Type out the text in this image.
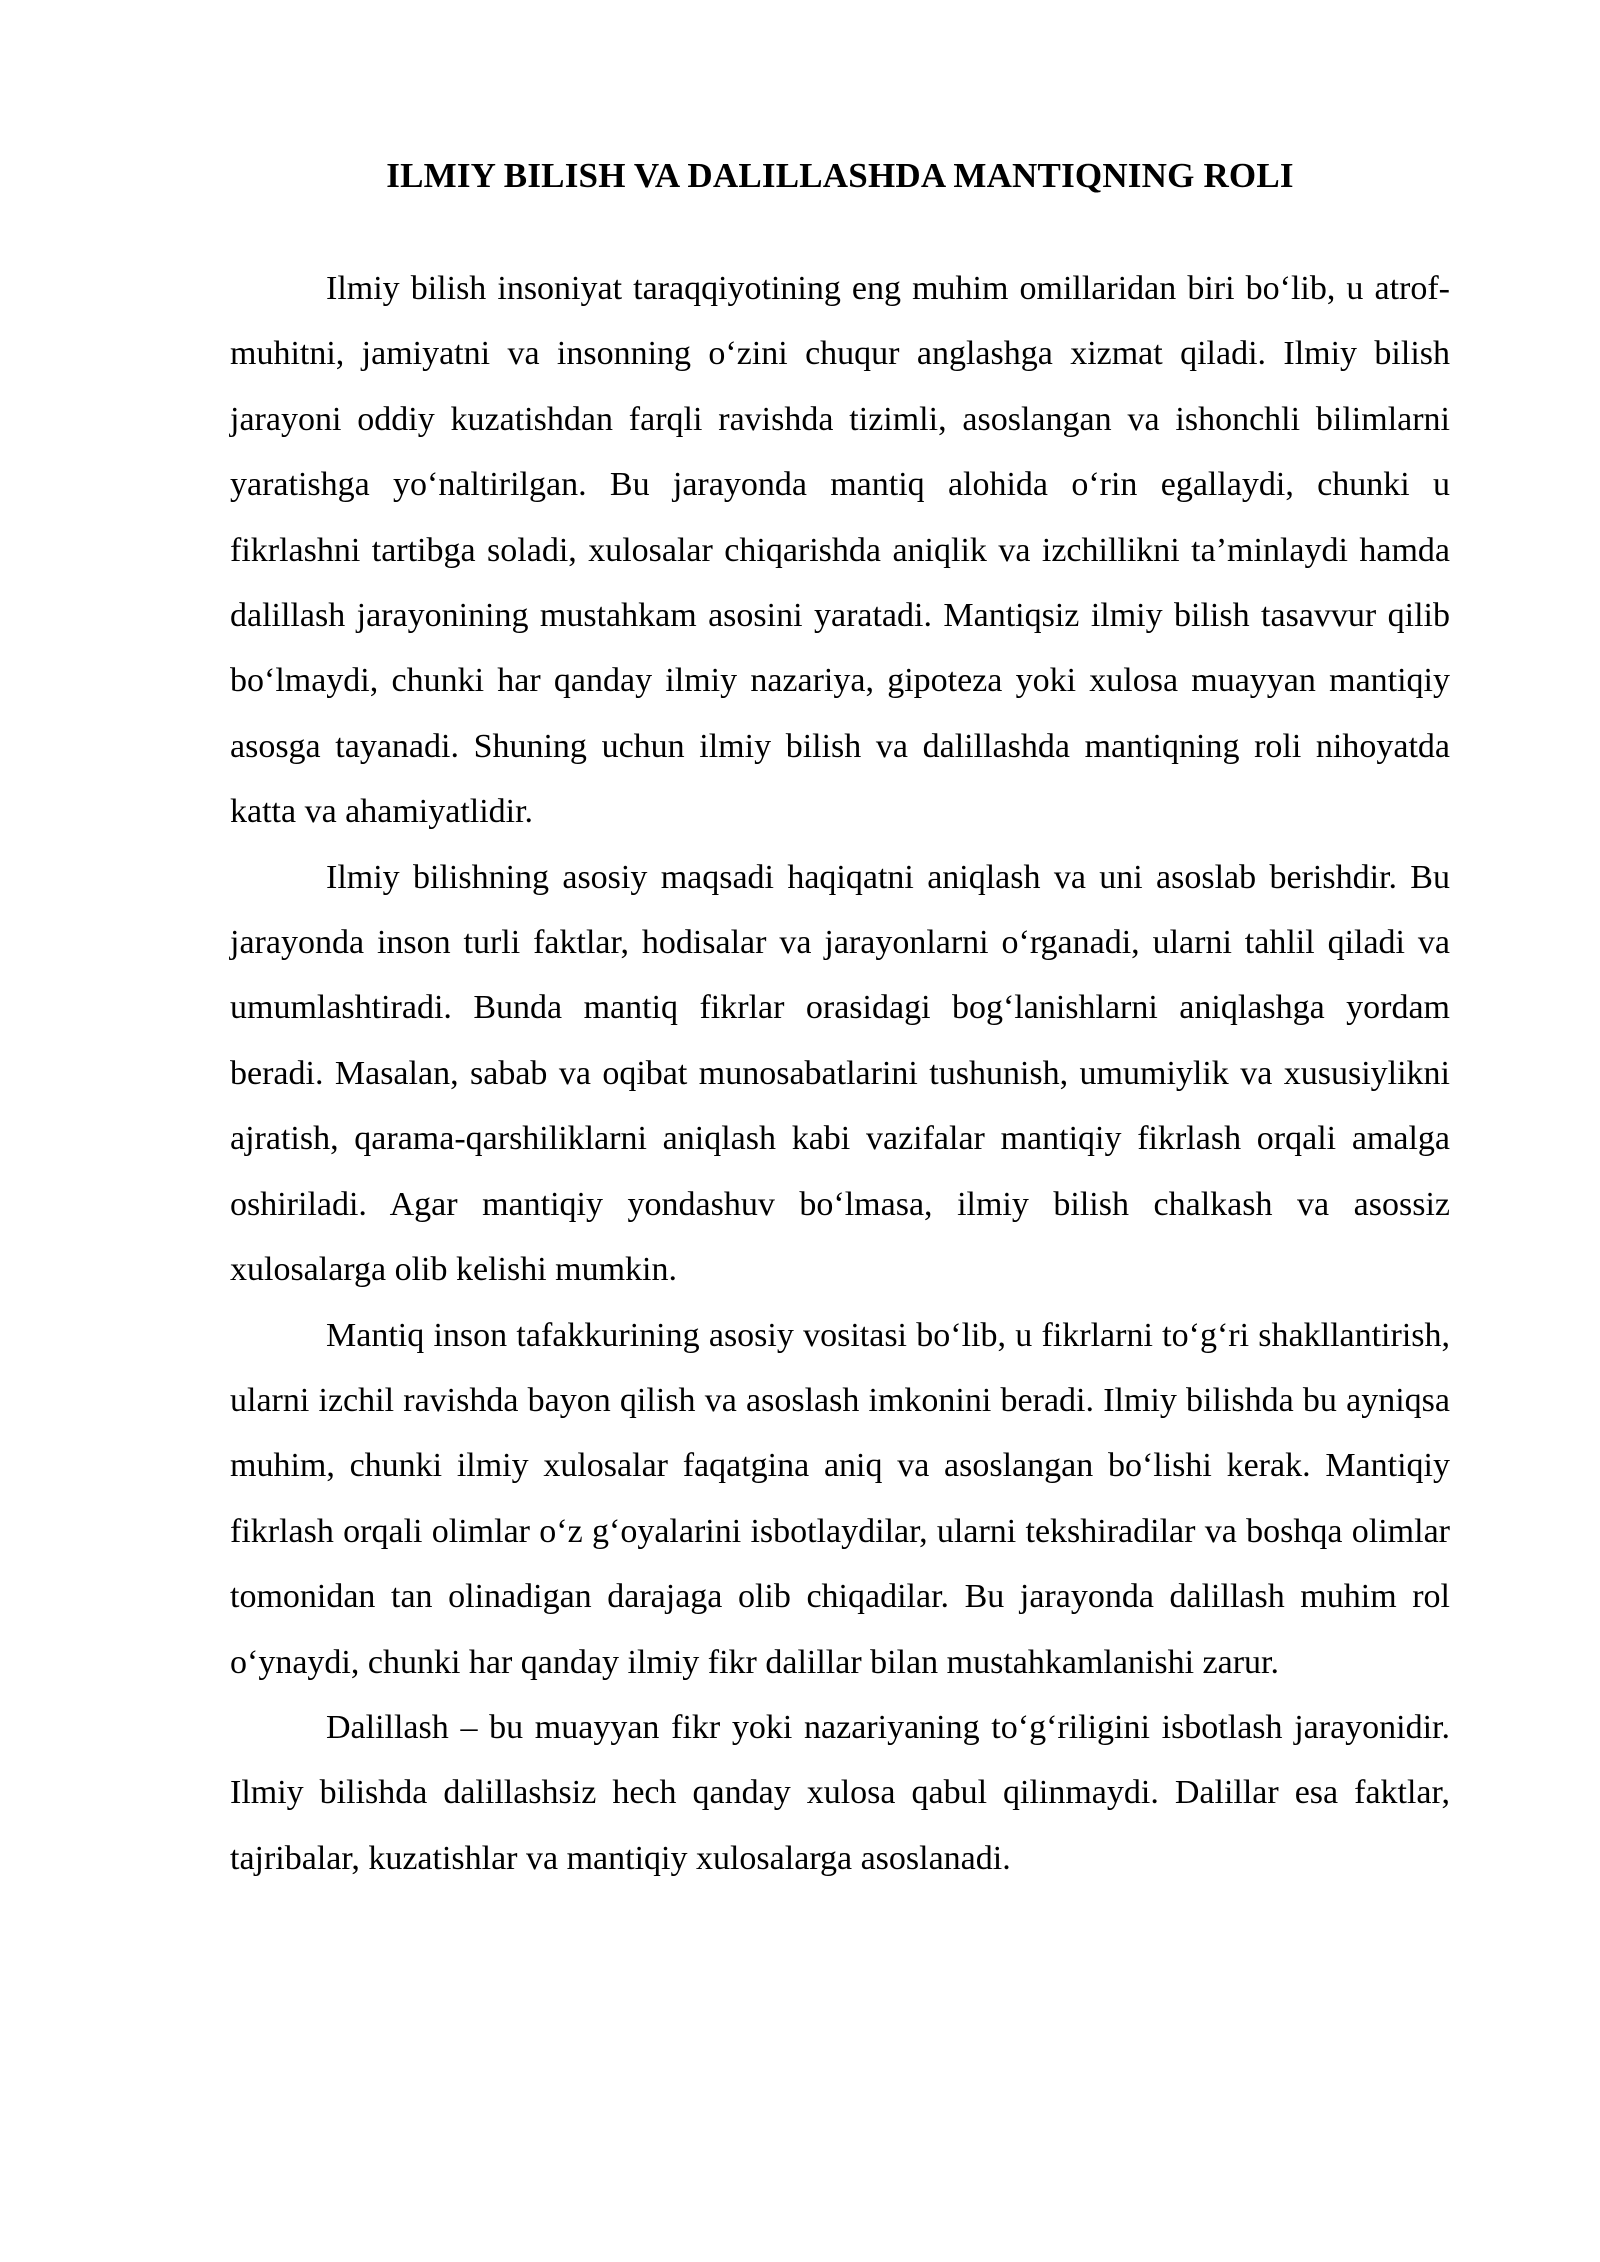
ILMIY BILISH VA DALILLASHDA MANTIQNING ROLI

Ilmiy bilish insoniyat taraqqiyotining eng muhim omillaridan biri bo‘lib, u atrof-muhitni, jamiyatni va insonning o‘zini chuqur anglashga xizmat qiladi. Ilmiy bilish jarayoni oddiy kuzatishdan farqli ravishda tizimli, asoslangan va ishonchli bilimlarni yaratishga yo‘naltirilgan. Bu jarayonda mantiq alohida o‘rin egallaydi, chunki u fikrlashni tartibga soladi, xulosalar chiqarishda aniqlik va izchillikni ta’minlaydi hamda dalillash jarayonining mustahkam asosini yaratadi. Mantiqsiz ilmiy bilish tasavvur qilib bo‘lmaydi, chunki har qanday ilmiy nazariya, gipoteza yoki xulosa muayyan mantiqiy asosga tayanadi. Shuning uchun ilmiy bilish va dalillashda mantiqning roli nihoyatda katta va ahamiyatlidir.

Ilmiy bilishning asosiy maqsadi haqiqatni aniqlash va uni asoslab berishdir. Bu jarayonda inson turli faktlar, hodisalar va jarayonlarni o‘rganadi, ularni tahlil qiladi va umumlashtiradi. Bunda mantiq fikrlar orasidagi bog‘lanishlarni aniqlashga yordam beradi. Masalan, sabab va oqibat munosabatlarini tushunish, umumiylik va xususiylikni ajratish, qarama-qarshiliklarni aniqlash kabi vazifalar mantiqiy fikrlash orqali amalga oshiriladi. Agar mantiqiy yondashuv bo‘lmasa, ilmiy bilish chalkash va asossiz xulosalarga olib kelishi mumkin.

Mantiq inson tafakkurining asosiy vositasi bo‘lib, u fikrlarni to‘g‘ri shakllantirish, ularni izchil ravishda bayon qilish va asoslash imkonini beradi. Ilmiy bilishda bu ayniqsa muhim, chunki ilmiy xulosalar faqatgina aniq va asoslangan bo‘lishi kerak. Mantiqiy fikrlash orqali olimlar o‘z g‘oyalarini isbotlaydilar, ularni tekshiradilar va boshqa olimlar tomonidan tan olinadigan darajaga olib chiqadilar. Bu jarayonda dalillash muhim rol o‘ynaydi, chunki har qanday ilmiy fikr dalillar bilan mustahkamlanishi zarur.

Dalillash – bu muayyan fikr yoki nazariyaning to‘g‘riligini isbotlash jarayonidir. Ilmiy bilishda dalillashsiz hech qanday xulosa qabul qilinmaydi. Dalillar esa faktlar, tajribalar, kuzatishlar va mantiqiy xulosalarga asoslanadi.
